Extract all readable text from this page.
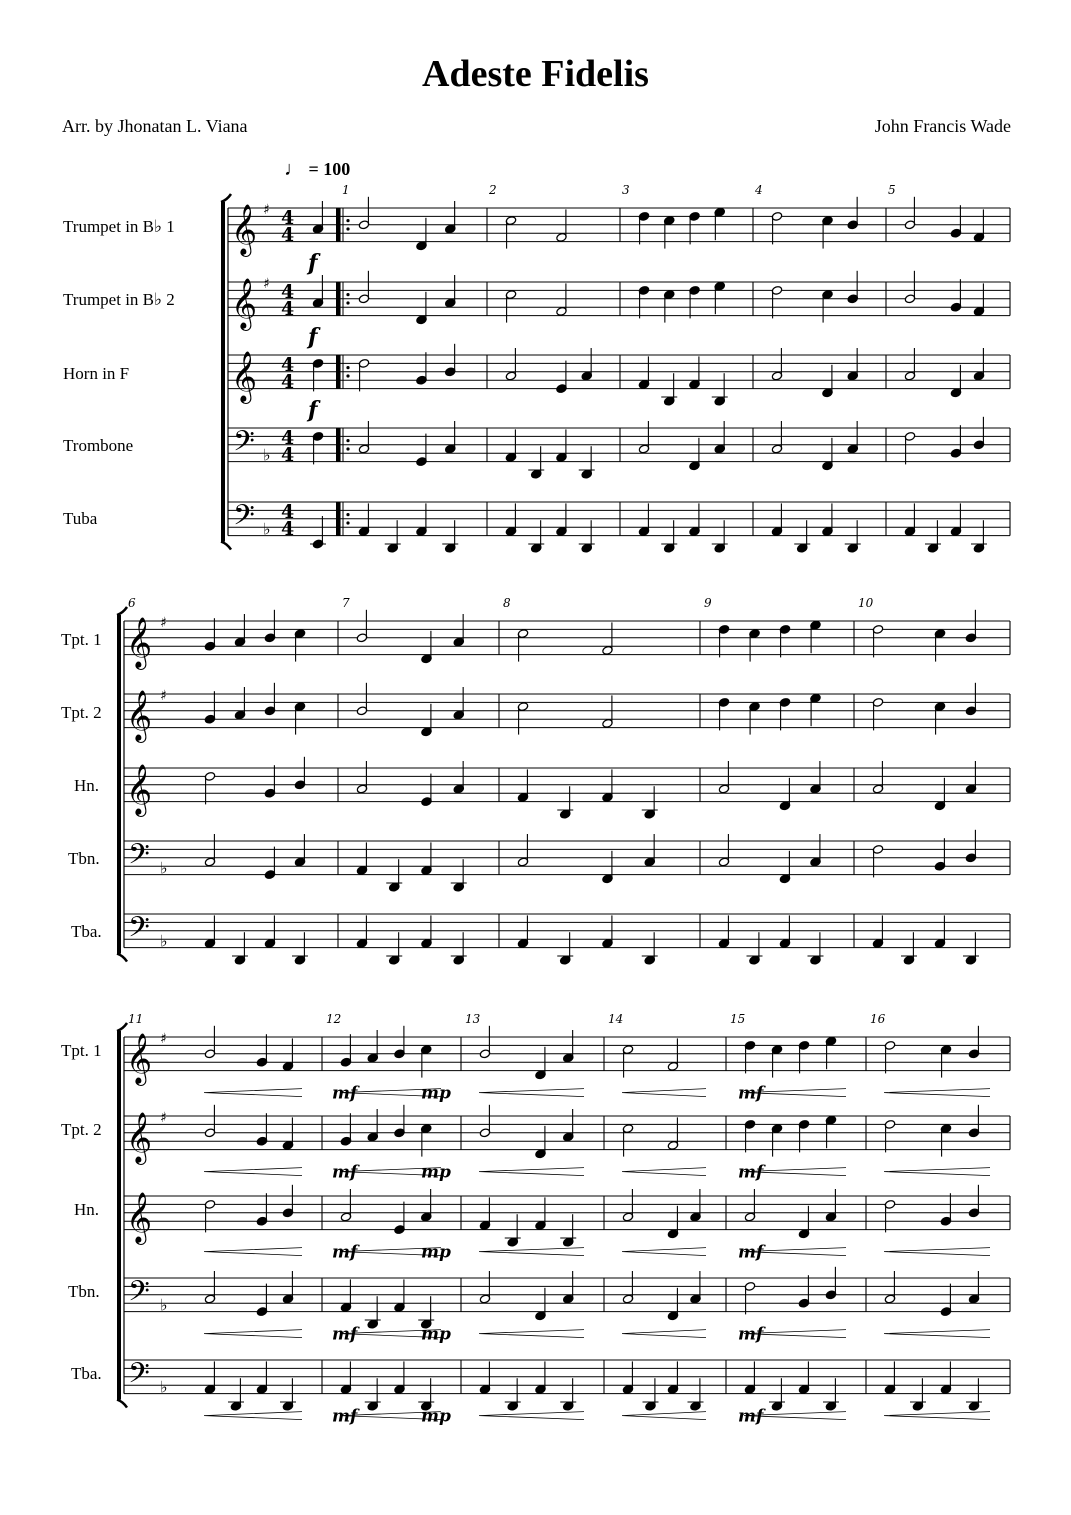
Adeste Fidelis
Arr. by Jhonatan L. Viana	John Francis Wade
♩ = 100
Trumpet in B♭ 1
Trumpet in B♭ 2
Horn in F
Trombone
Tuba
Tpt. 1
Tpt. 2
Hn.
Tbn.
Tba.
Tpt. 1
Tpt. 2
Hn.
Tbn.
Tba.
𝄞 ♯ 4
4
𝄞 ♯ 4
4
𝄞 4
4
𝄢 ♭
4
4
𝄢 ♭
4
4
f
f
f
1	2	3	4	5
𝄞 ♯
𝄞 ♯
𝄞
𝄢 ♭
𝄢 ♭
6	7	8	9	10
𝄞 ♯
𝄞 ♯
𝄞
𝄢 ♭
𝄢 ♭
11	12	13	14	15	16
mf	mp
mf	mp
mf	mp
mf	mp
mf	mp
mf
mf
mf
mf
mf
